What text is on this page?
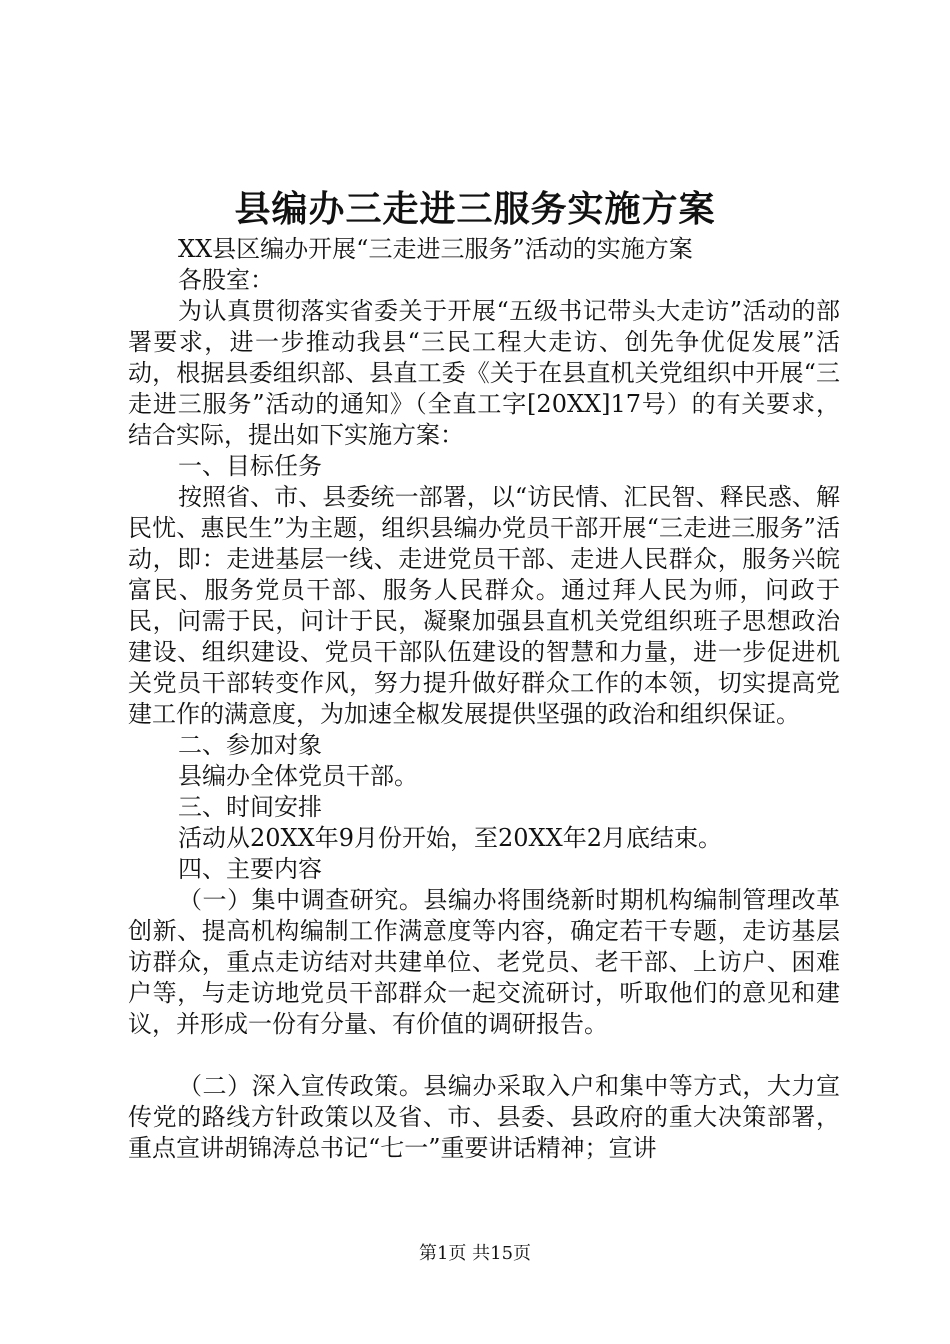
县编办三走进三服务实施方案

XX县区编办开展“三走进三服务”活动的实施方案

各股室：

为认真贯彻落实省委关于开展“五级书记带头大走访”活动的部署要求，进一步推动我县“三民工程大走访、创先争优促发展”活动，根据县委组织部、县直工委《关于在县直机关党组织中开展“三走进三服务”活动的通知》（全直工字[20XX]17号）的有关要求，结合实际，提出如下实施方案：

一、目标任务

按照省、市、县委统一部署，以“访民情、汇民智、释民惑、解民忧、惠民生”为主题，组织县编办党员干部开展“三走进三服务”活动，即：走进基层一线、走进党员干部、走进人民群众，服务兴皖富民、服务党员干部、服务人民群众。通过拜人民为师，问政于民，问需于民，问计于民，凝聚加强县直机关党组织班子思想政治建设、组织建设、党员干部队伍建设的智慧和力量，进一步促进机关党员干部转变作风，努力提升做好群众工作的本领，切实提高党建工作的满意度，为加速全椒发展提供坚强的政治和组织保证。

二、参加对象

县编办全体党员干部。

三、时间安排

活动从20XX年9月份开始，至20XX年2月底结束。

四、主要内容

（一）集中调查研究。县编办将围绕新时期机构编制管理改革创新、提高机构编制工作满意度等内容，确定若干专题，走访基层访群众，重点走访结对共建单位、老党员、老干部、上访户、困难户等，与走访地党员干部群众一起交流研讨，听取他们的意见和建议，并形成一份有分量、有价值的调研报告。

（二）深入宣传政策。县编办采取入户和集中等方式，大力宣传党的路线方针政策以及省、市、县委、县政府的重大决策部署，重点宣讲胡锦涛总书记“七一”重要讲话精神；宣讲

第1页 共15页
